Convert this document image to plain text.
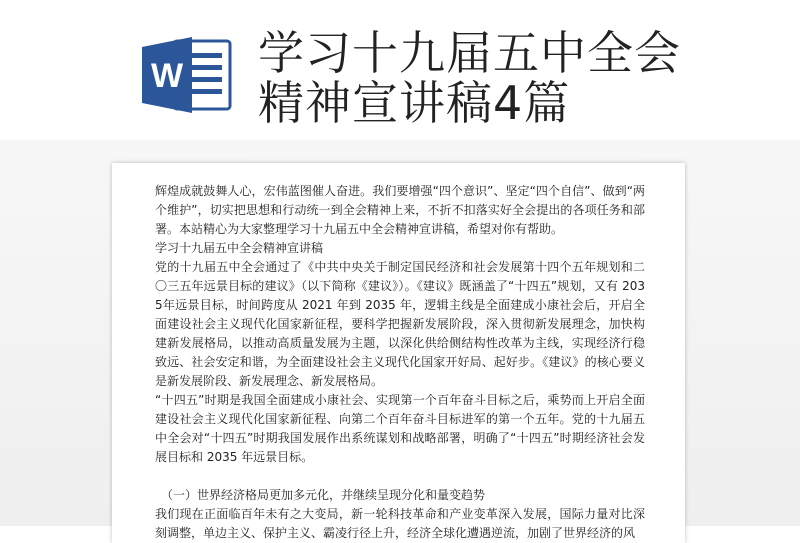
W 学习十九届五中全会
精神宣讲稿4篇

辉煌成就鼓舞人心，宏伟蓝图催人奋进。我们要增强“四个意识”、坚定“四个自信”、做到“两个维护”，切实把思想和行动统一到全会精神上来，不折不扣落实好全会提出的各项任务和部署。本站精心为大家整理学习十九届五中全会精神宣讲稿，希望对你有帮助。

学习十九届五中全会精神宣讲稿

党的十九届五中全会通过了《中共中央关于制定国民经济和社会发展第十四个五年规划和二〇三五年远景目标的建议》（以下简称《建议》）。《建议》既涵盖了“十四五”规划，又有 2035年远景目标，时间跨度从 2021 年到 2035 年，逻辑主线是全面建成小康社会后，开启全面建设社会主义现代化国家新征程，要科学把握新发展阶段，深入贯彻新发展理念，加快构建新发展格局，以推动高质量发展为主题，以深化供给侧结构性改革为主线，实现经济行稳致远、社会安定和谐，为全面建设社会主义现代化国家开好局、起好步。《建议》的核心要义是新发展阶段、新发展理念、新发展格局。

“十四五”时期是我国全面建成小康社会、实现第一个百年奋斗目标之后，乘势而上开启全面建设社会主义现代化国家新征程、向第二个百年奋斗目标进军的第一个五年。党的十九届五中全会对“十四五”时期我国发展作出系统谋划和战略部署，明确了“十四五”时期经济社会发展目标和 2035 年远景目标。

（一）世界经济格局更加多元化，并继续呈现分化和量变趋势

我们现在正面临百年未有之大变局，新一轮科技革命和产业变革深入发展，国际力量对比深刻调整，单边主义、保护主义、霸凌行径上升，经济全球化遭遇逆流，加剧了世界经济的风
